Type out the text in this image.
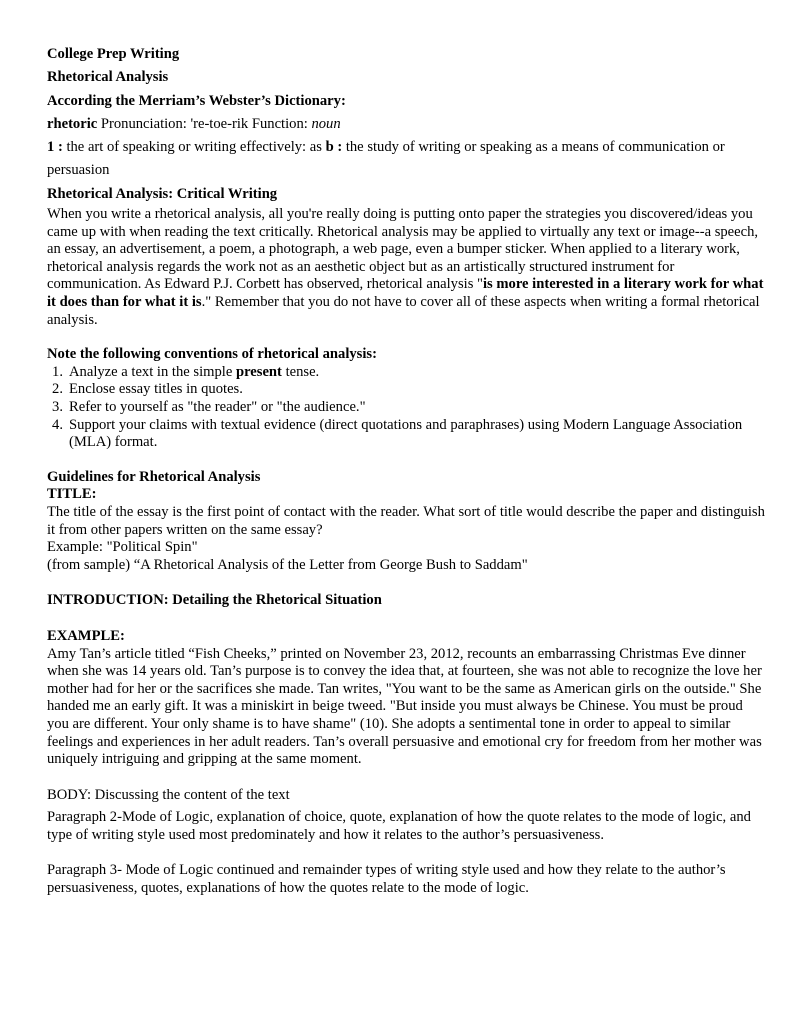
College Prep Writing

Rhetorical Analysis

According the Merriam’s Webster’s Dictionary:

rhetoric Pronunciation: 're-toe-rik Function: noun

1 : the art of speaking or writing effectively: as b : the study of writing or speaking as a means of communication or persuasion

Rhetorical Analysis: Critical Writing

When you write a rhetorical analysis, all you're really doing is putting onto paper the strategies you discovered/ideas you came up with when reading the text critically. Rhetorical analysis may be applied to virtually any text or image--a speech, an essay, an advertisement, a poem, a photograph, a web page, even a bumper sticker. When applied to a literary work, rhetorical analysis regards the work not as an aesthetic object but as an artistically structured instrument for communication. As Edward P.J. Corbett has observed, rhetorical analysis "is more interested in a literary work for what it does than for what it is." Remember that you do not have to cover all of these aspects when writing a formal rhetorical analysis.

Note the following conventions of rhetorical analysis:

1. Analyze a text in the simple present tense.
2. Enclose essay titles in quotes.
3. Refer to yourself as "the reader" or "the audience."
4. Support your claims with textual evidence (direct quotations and paraphrases) using Modern Language Association (MLA) format.

Guidelines for Rhetorical Analysis

TITLE:

The title of the essay is the first point of contact with the reader. What sort of title would describe the paper and distinguish it from other papers written on the same essay?

Example: "Political Spin"

(from sample) “A Rhetorical Analysis of the Letter from George Bush to Saddam"

INTRODUCTION: Detailing the Rhetorical Situation

EXAMPLE:

Amy Tan’s article titled “Fish Cheeks,” printed on November 23, 2012, recounts an embarrassing Christmas Eve dinner when she was 14 years old. Tan’s purpose is to convey the idea that, at fourteen, she was not able to recognize the love her mother had for her or the sacrifices she made. Tan writes, "You want to be the same as American girls on the outside." She handed me an early gift. It was a miniskirt in beige tweed. "But inside you must always be Chinese. You must be proud you are different. Your only shame is to have shame" (10). She adopts a sentimental tone in order to appeal to similar feelings and experiences in her adult readers. Tan’s overall persuasive and emotional cry for freedom from her mother was uniquely intriguing and gripping at the same moment.

BODY: Discussing the content of the text

Paragraph 2-Mode of Logic, explanation of choice, quote, explanation of how the quote relates to the mode of logic, and type of writing style used most predominately and how it relates to the author’s persuasiveness.

Paragraph 3- Mode of Logic continued and remainder types of writing style used and how they relate to the author’s persuasiveness, quotes, explanations of how the quotes relate to the mode of logic.
